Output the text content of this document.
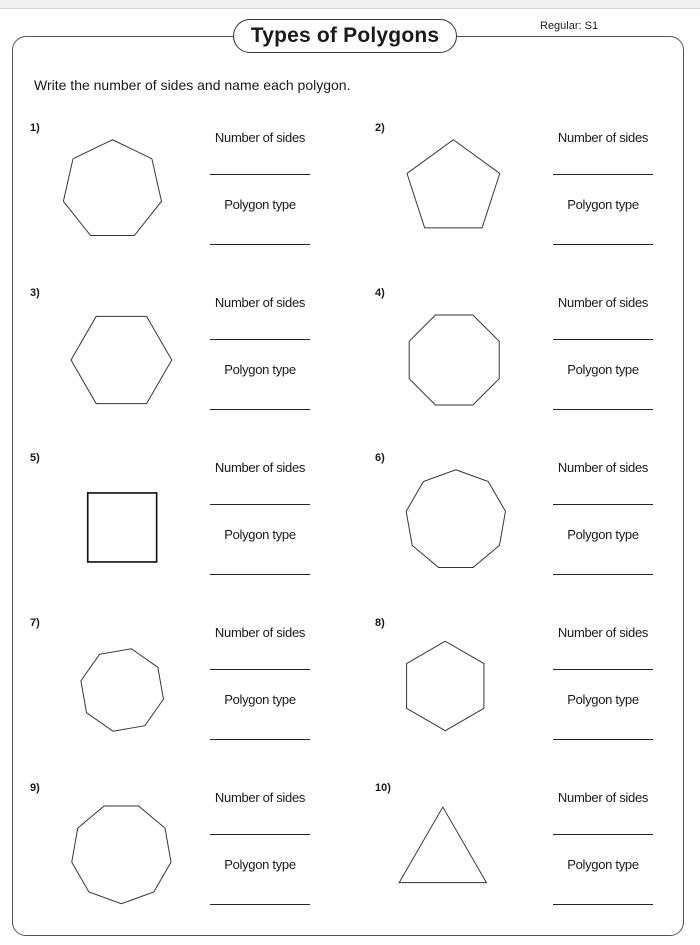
Types of Polygons	Regular: S1
Write the number of sides and name each polygon.
1)
Number of sides
Polygon type
2)
Number of sides
Polygon type
3)
Number of sides
Polygon type
4)
Number of sides
Polygon type
5)
Number of sides
Polygon type
6)
Number of sides
Polygon type
7)
Number of sides
Polygon type
8)
Number of sides
Polygon type
9)
Number of sides
Polygon type
10)
Number of sides
Polygon type
